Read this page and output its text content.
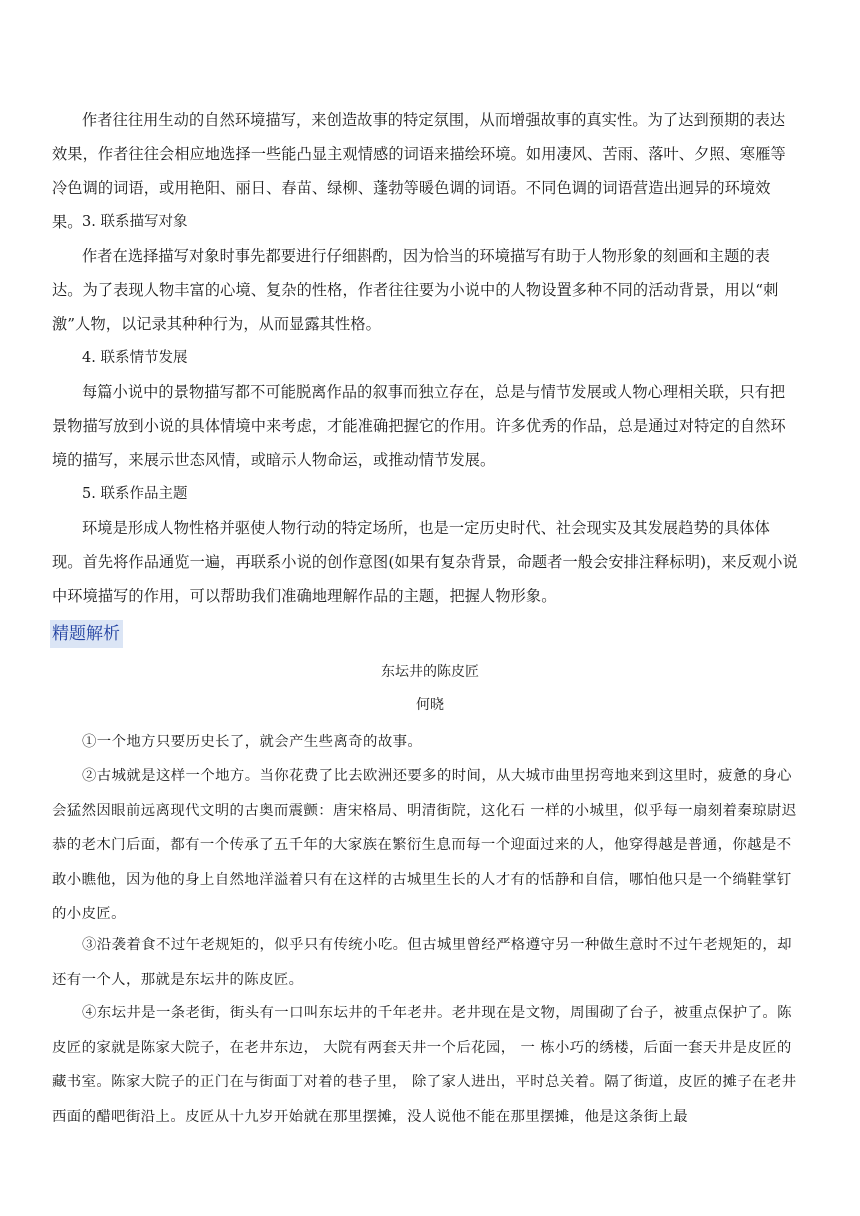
作者往往用生动的自然环境描写，来创造故事的特定氛围，从而增强故事的真实性。为了达到预期的表达效果，作者往往会相应地选择一些能凸显主观情感的词语来描绘环境。如用凄风、苦雨、落叶、夕照、寒雁等冷色调的词语，或用艳阳、丽日、春苗、绿柳、蓬勃等暖色调的词语。不同色调的词语营造出迥异的环境效果。 3. 联系描写对象
作者在选择描写对象时事先都要进行仔细斟酌，因为恰当的环境描写有助于人物形象的刻画和主题的表达。为了表现人物丰富的心境、复杂的性格，作者往往要为小说中的人物设置多种不同的活动背景，用以“刺激”人物，以记录其种种行为，从而显露其性格。
4. 联系情节发展
每篇小说中的景物描写都不可能脱离作品的叙事而独立存在，总是与情节发展或人物心理相关联，只有把景物描写放到小说的具体情境中来考虑，才能准确把握它的作用。许多优秀的作品，总是通过对特定的自然环境的描写，来展示世态风情，或暗示人物命运，或推动情节发展。
5. 联系作品主题
环境是形成人物性格并驱使人物行动的特定场所，也是一定历史时代、社会现实及其发展趋势的具体体现。首先将作品通览一遍，再联系小说的创作意图(如果有复杂背景，命题者一般会安排注释标明)，来反观小说中环境描写的作用，可以帮助我们准确地理解作品的主题，把握人物形象。
精题解析
东坛井的陈皮匠
何晓
①一个地方只要历史长了，就会产生些离奇的故事。
②古城就是这样一个地方。当你花费了比去欧洲还要多的时间，从大城市曲里拐弯地来到这里时，疲惫的身心会猛然因眼前远离现代文明的古奥而震颤：唐宋格局、明清街院，这化石 一样的小城里，似乎每一扇刻着秦琼尉迟恭的老木门后面，都有一个传承了五千年的大家族在繁衍生息而每一个迎面过来的人，他穿得越是普通，你越是不敢小瞧他，因为他的身上自然地洋溢着只有在这样的古城里生长的人才有的恬静和自信，哪怕他只是一个绱鞋掌钉的小皮匠。
③沿袭着食不过午老规矩的，似乎只有传统小吃。但古城里曾经严格遵守另一种做生意时不过午老规矩的，却还有一个人，那就是东坛井的陈皮匠。
④东坛井是一条老街，街头有一口叫东坛井的千年老井。老井现在是文物，周围砌了台子，被重点保护了。陈皮匠的家就是陈家大院子，在老井东边， 大院有两套天井一个后花园， 一 栋小巧的绣楼，后面一套天井是皮匠的藏书室。陈家大院子的正门在与街面丁对着的巷子里， 除了家人进出，平时总关着。隔了街道，皮匠的摊子在老井西面的醋吧街沿上。皮匠从十九岁开始就在那里摆摊，没人说他不能在那里摆摊，他是这条街上最
